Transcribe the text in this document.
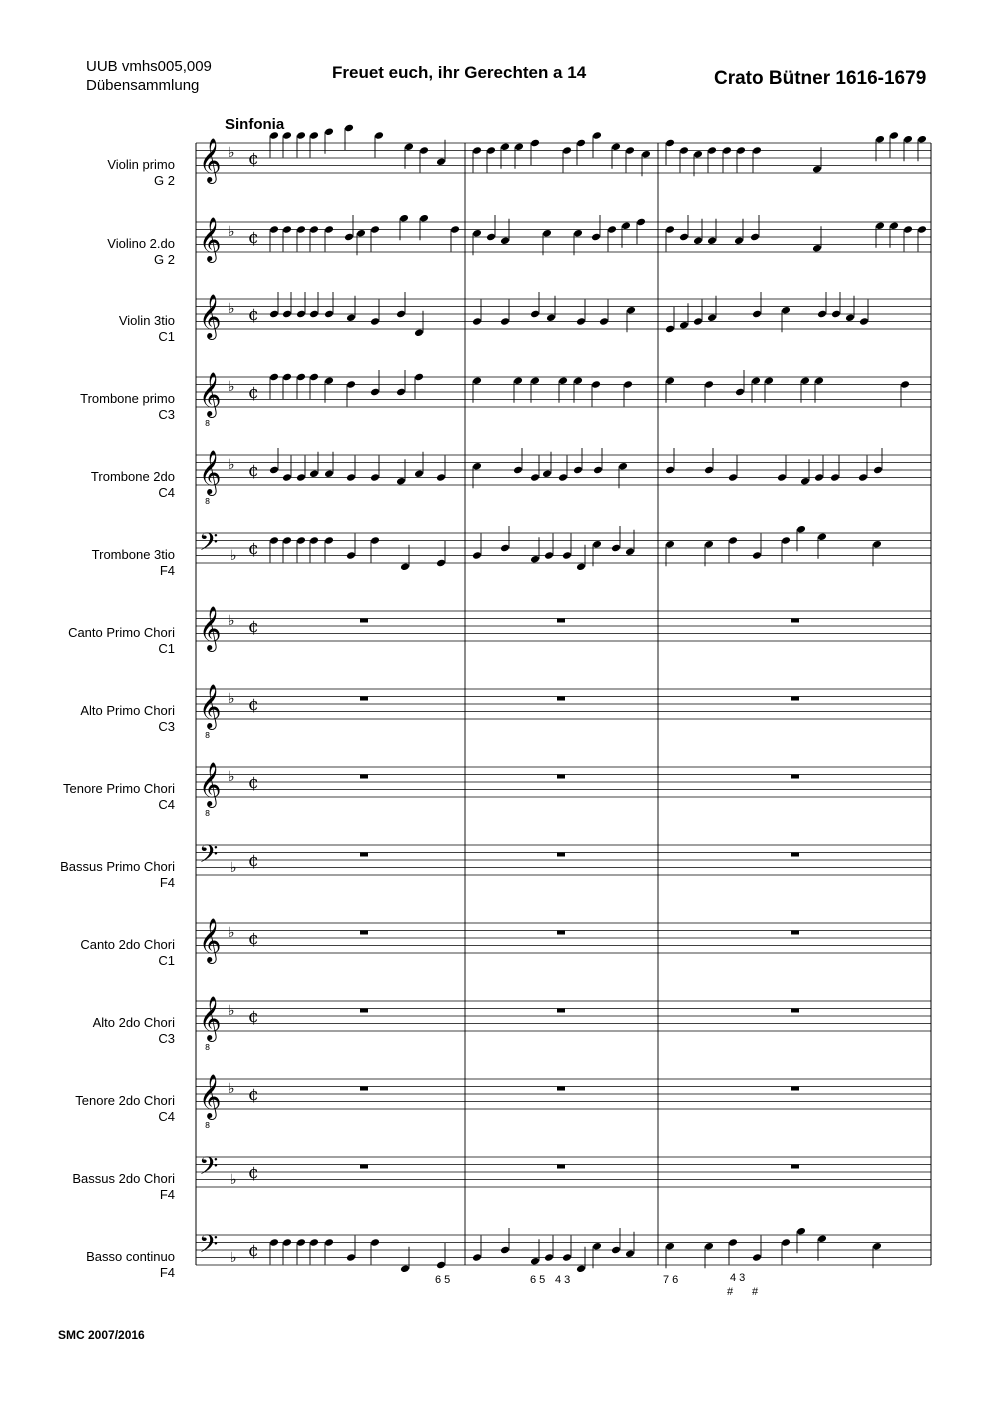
UUB vmhs005,009
Dübensammlung
Freuet euch, ihr Gerechten a 14	Crato Bütner 1616-1679
Sinfonia
SMC 2007/2016
Violin primo
G 2
Violino 2.do
G 2
Violin 3tio
C1
Trombone primo
C3
Trombone 2do
C4
Trombone 3tio
F4
Canto Primo Chori
C1
Alto Primo Chori
C3
Tenore Primo Chori
C4
Bassus Primo Chori
F4
Canto 2do Chori
C1
Alto 2do Chori
C3
Tenore 2do Chori
C4
Bassus 2do Chori
F4
Basso continuo
F4
𝄞 ♭ ¢
𝄞 ♭ ¢
𝄞 ♭ ¢
𝄞
8
♭ ¢
𝄞
8
♭ ¢
𝄢 ♭ ¢
𝄞 ♭ ¢
𝄞
8
♭ ¢
𝄞
8
♭ ¢
𝄢 ♭ ¢
𝄞 ♭ ¢
𝄞
8
♭ ¢
𝄞
8
♭ ¢
𝄢 ♭ ¢
𝄢 ♭ ¢
6 5	6 5 4 3	7 6	4 3
# #
